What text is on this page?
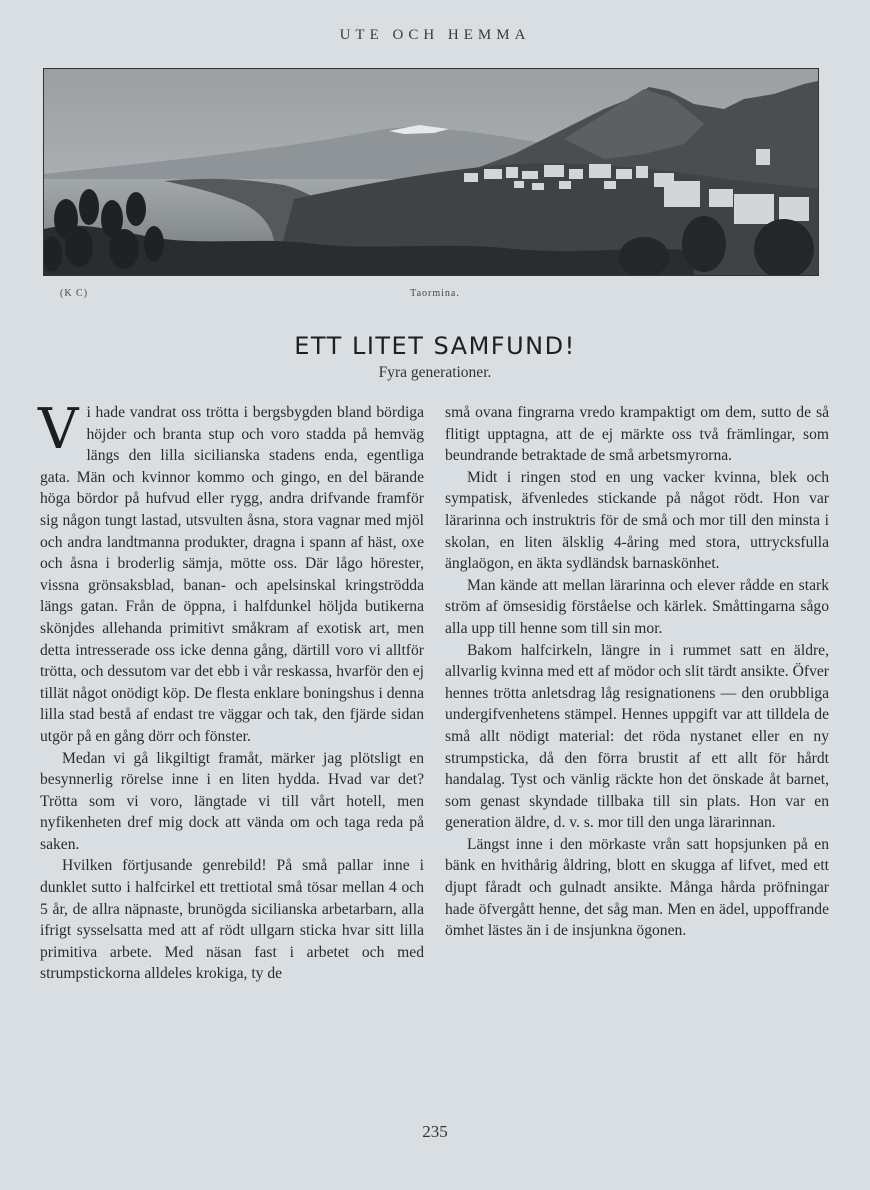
UTE OCH HEMMA
(K C)	Taormina.
ETT LITET SAMFUND!
Fyra generationer.

Vi hade vandrat oss trötta i bergsbygden bland bördiga höjder och branta stup och voro stadda på hemväg längs den lilla sicilianska stadens enda, egentliga gata. Män och kvinnor kommo och gingo, en del bärande höga bördor på hufvud eller rygg, andra drifvande framför sig någon tungt lastad, utsvulten åsna, stora vagnar med mjöl och andra landtmanna produkter, dragna i spann af häst, oxe och åsna i broderlig sämja, mötte oss. Där lågo hörester, vissna grönsaksblad, banan- och apelsinskal kringströdda längs gatan. Från de öppna, i halfdunkel höljda butikerna skönjdes allehanda primitivt småkram af exotisk art, men detta intresserade oss icke denna gång, därtill voro vi alltför trötta, och dessutom var det ebb i vår reskassa, hvarför den ej tillät något onödigt köp. De flesta enklare boningshus i denna lilla stad bestå af endast tre väggar och tak, den fjärde sidan utgör på en gång dörr och fönster.

Medan vi gå likgiltigt framåt, märker jag plötsligt en besynnerlig rörelse inne i en liten hydda. Hvad var det? Trötta som vi voro, längtade vi till vårt hotell, men nyfikenheten dref mig dock att vända om och taga reda på saken.

Hvilken förtjusande genrebild! På små pallar inne i dunklet sutto i halfcirkel ett trettiotal små tösar mellan 4 och 5 år, de allra näpnaste, brunögda sicilianska arbetarbarn, alla ifrigt sysselsatta med att af rödt ullgarn sticka hvar sitt lilla primitiva arbete. Med näsan fast i arbetet och med strumpstickorna alldeles krokiga, ty de

små ovana fingrarna vredo krampaktigt om dem, sutto de så flitigt upptagna, att de ej märkte oss två främlingar, som beundrande betraktade de små arbetsmyrorna.

Midt i ringen stod en ung vacker kvinna, blek och sympatisk, äfvenledes stickande på något rödt. Hon var lärarinna och instruktris för de små och mor till den minsta i skolan, en liten älsklig 4-åring med stora, uttrycksfulla änglaögon, en äkta sydländsk barnaskönhet.

Man kände att mellan lärarinna och elever rådde en stark ström af ömsesidig förståelse och kärlek. Småttingarna sågo alla upp till henne som till sin mor.

Bakom halfcirkeln, längre in i rummet satt en äldre, allvarlig kvinna med ett af mödor och slit tärdt ansikte. Öfver hennes trötta anletsdrag låg resignationens — den orubbliga undergifvenhetens stämpel. Hennes uppgift var att tilldela de små allt nödigt material: det röda nystanet eller en ny strumpsticka, då den förra brustit af ett allt för hårdt handalag. Tyst och vänlig räckte hon det önskade åt barnet, som genast skyndade tillbaka till sin plats. Hon var en generation äldre, d. v. s. mor till den unga lärarinnan.

Längst inne i den mörkaste vrån satt hopsjunken på en bänk en hvithårig åldring, blott en skugga af lifvet, med ett djupt fåradt och gulnadt ansikte. Många hårda pröfningar hade öfvergått henne, det såg man. Men en ädel, uppoffrande ömhet lästes än i de insjunkna ögonen.

235
